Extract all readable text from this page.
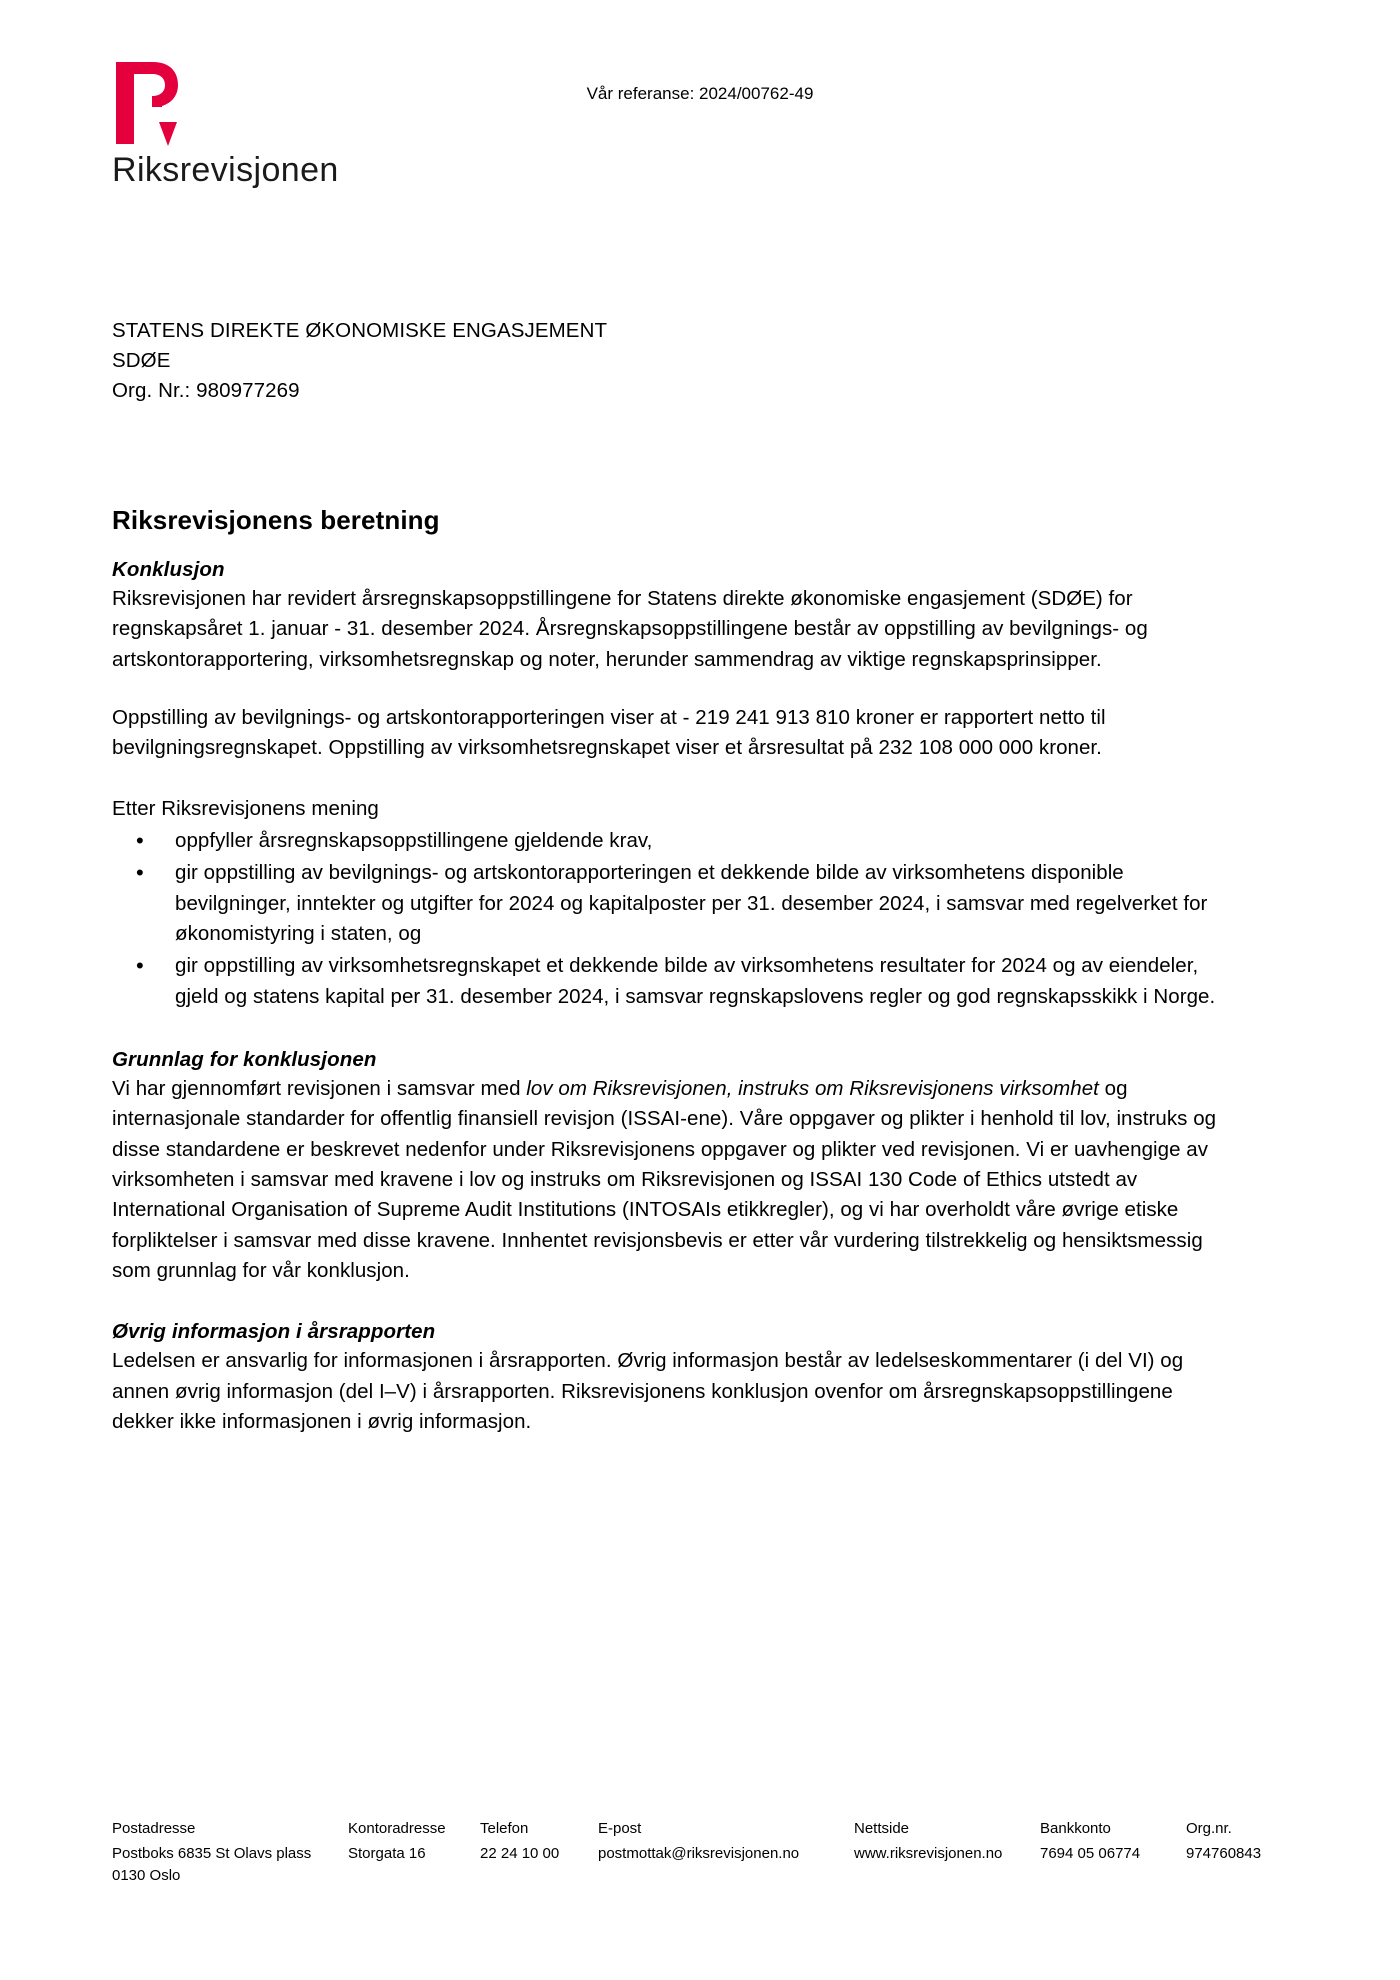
Riksrevisjonen
Vår referanse: 2024/00762-49
STATENS DIREKTE ØKONOMISKE ENGASJEMENT
SDØE
Org. Nr.: 980977269
Riksrevisjonens beretning
Konklusjon

Riksrevisjonen har revidert årsregnskapsoppstillingene for Statens direkte økonomiske engasjement (SDØE) for regnskapsåret 1. januar - 31. desember 2024. Årsregnskapsoppstillingene består av oppstilling av bevilgnings- og artskontorapportering, virksomhetsregnskap og noter, herunder sammendrag av viktige regnskapsprinsipper.

Oppstilling av bevilgnings- og artskontorapporteringen viser at - 219 241 913 810 kroner er rapportert netto til bevilgningsregnskapet. Oppstilling av virksomhetsregnskapet viser et årsresultat på 232 108 000 000 kroner.

Etter Riksrevisjonens mening

• oppfyller årsregnskapsoppstillingene gjeldende krav,
• gir oppstilling av bevilgnings- og artskontorapporteringen et dekkende bilde av virksomhetens disponible bevilgninger, inntekter og utgifter for 2024 og kapitalposter per 31. desember 2024, i samsvar med regelverket for økonomistyring i staten, og
• gir oppstilling av virksomhetsregnskapet et dekkende bilde av virksomhetens resultater for 2024 og av eiendeler, gjeld og statens kapital per 31. desember 2024, i samsvar regnskapslovens regler og god regnskapsskikk i Norge.
Grunnlag for konklusjonen

Vi har gjennomført revisjonen i samsvar med lov om Riksrevisjonen, instruks om Riksrevisjonens virksomhet og internasjonale standarder for offentlig finansiell revisjon (ISSAI-ene). Våre oppgaver og plikter i henhold til lov, instruks og disse standardene er beskrevet nedenfor under Riksrevisjonens oppgaver og plikter ved revisjonen. Vi er uavhengige av virksomheten i samsvar med kravene i lov og instruks om Riksrevisjonen og ISSAI 130 Code of Ethics utstedt av International Organisation of Supreme Audit Institutions (INTOSAIs etikkregler), og vi har overholdt våre øvrige etiske forpliktelser i samsvar med disse kravene. Innhentet revisjonsbevis er etter vår vurdering tilstrekkelig og hensiktsmessig som grunnlag for vår konklusjon.

Øvrig informasjon i årsrapporten

Ledelsen er ansvarlig for informasjonen i årsrapporten. Øvrig informasjon består av ledelseskommentarer (i del VI) og annen øvrig informasjon (del I–V) i årsrapporten. Riksrevisjonens konklusjon ovenfor om årsregnskapsoppstillingene dekker ikke informasjonen i øvrig informasjon.

Postadresse	Kontoradresse	Telefon	E-post	Nettside	Bankkonto	Org.nr.
Postboks 6835 St Olavs plass	Storgata 16	22 24 10 00	postmottak@riksrevisjonen.no	www.riksrevisjonen.no	7694 05 06774	974760843
0130 Oslo						
